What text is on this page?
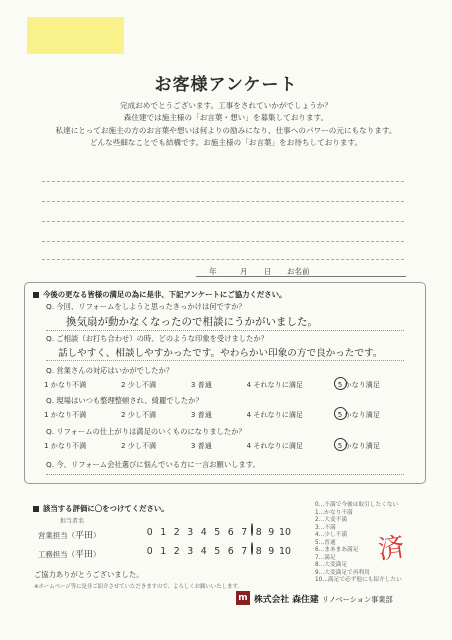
お客様アンケート
完成おめでとうございます。工事をされていかがでしょうか？
森住建では施主様の「お言葉・想い」を募集しております。
私達にとってお施主の方のお言葉や想いは何よりの励みになり、仕事へのパワーの元にもなります。
どんな些細なことでも結構です。お施主様の「お言葉」をお待ちしております。
年	月 日 お名前
今後の更なる皆様の満足の為に是非、下記アンケートにご協力ください。
Q. 今回、リフォームをしようと思ったきっかけは何ですか？
換気扇が動かなくなったので相談にうかがいました。
Q. ご相談（お打ち合わせ）の時、どのような印象を受けましたか？
話しやすく、相談しやすかったです。やわらかい印象の方で良かったです。
Q. 営業さんの対応はいかがでしたか？
1 かなり不満	2 少し不満	3 普通	4 それなりに満足	5 かなり満足
Q. 現場はいつも整理整頓され、綺麗でしたか？
1 かなり不満	2 少し不満	3 普通	4 それなりに満足	5 かなり満足
Q. リフォームの仕上がりは満足のいくものになりましたか？
1 かなり不満	2 少し不満	3 普通	4 それなりに満足	5 かなり満足
Q. 今、リフォーム会社選びに悩んでいる方に一言お願いします。
該当する評価に〇をつけてください。
担当者名
営業担当（平田）	0 1 2 3 4 5 6 7 8 9 10
工務担当（平田）	0 1 2 3 4 5 6 7 8 9 10
0…不満で今後は取引したくない
1…かなり不満
2…大変不満
3…不満
4…少し不満
5…普通
6…まあまあ満足
7…満足
8…大変満足
9…大変満足で再利用
10…満足で必ず他にも紹介したい
済
ご協力ありがとうございました。
※ホームページ等に是非ご紹介させていただきますので、よろしくお願いいたします。
m 株式会社 森住建 リノベーション事業部
